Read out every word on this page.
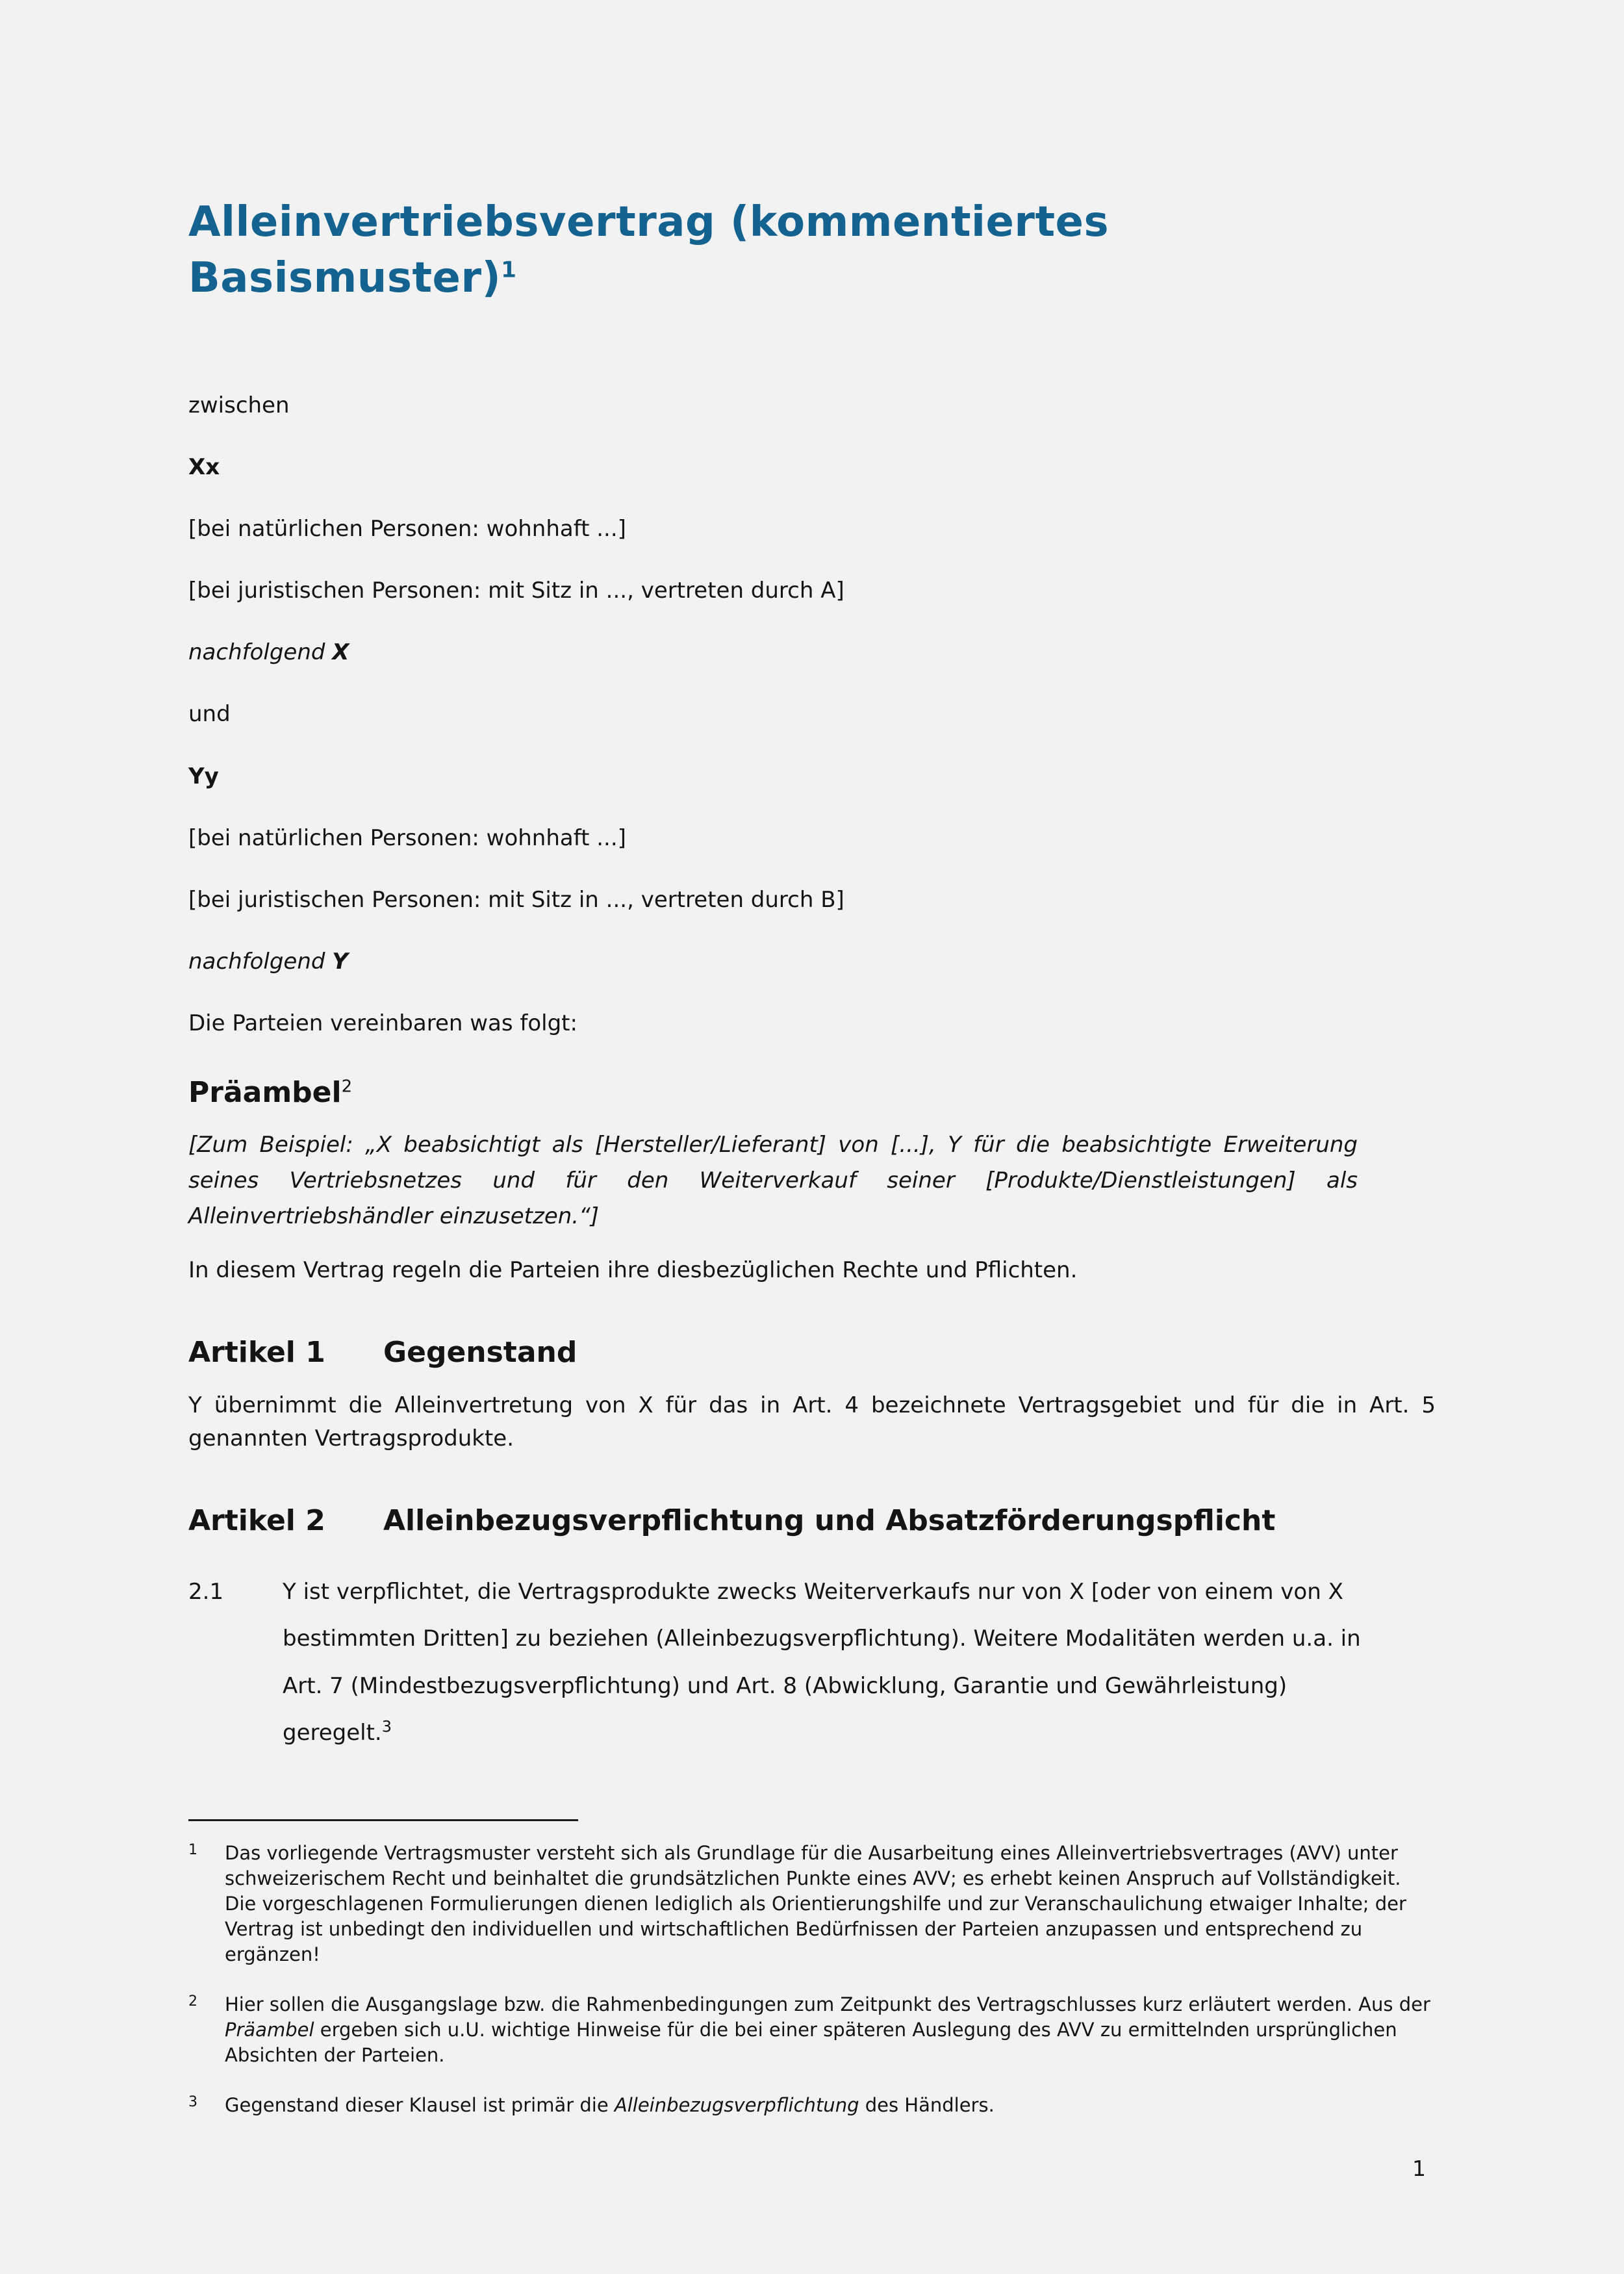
Alleinvertriebsvertrag (kommentiertes Basismuster)$^1$

zwischen

Xx

[bei natürlichen Personen: wohnhaft ...]

[bei juristischen Personen: mit Sitz in ..., vertreten durch A]

nachfolgend X

und

Yy

[bei natürlichen Personen: wohnhaft ...]

[bei juristischen Personen: mit Sitz in ..., vertreten durch B]

nachfolgend Y

Die Parteien vereinbaren was folgt:

Präambel$^2$

[Zum Beispiel: „X beabsichtigt als [Hersteller/Lieferant] von [...], Y für die beabsichtigte Erweiterung seines Vertriebsnetzes und für den Weiterverkauf seiner [Produkte/Dienstleistungen] als Alleinvertriebshändler einzusetzen.“]

In diesem Vertrag regeln die Parteien ihre diesbezüglichen Rechte und Pflichten.

Artikel 1 Gegenstand

Y übernimmt die Alleinvertretung von X für das in Art. 4 bezeichnete Vertragsgebiet und für die in Art. 5 genannten Vertragsprodukte.

Artikel 2 Alleinbezugsverpflichtung und Absatzförderungspflicht
2.1	Y ist verpflichtet, die Vertragsprodukte zwecks Weiterverkaufs nur von X [oder von einem von X bestimmten Dritten] zu beziehen (Alleinbezugsverpflichtung). Weitere Modalitäten werden u.a. in Art. 7 (Mindestbezugsverpflichtung) und Art. 8 (Abwicklung, Garantie und Gewährleistung) geregelt.$^3$

1	Das vorliegende Vertragsmuster versteht sich als Grundlage für die Ausarbeitung eines Alleinvertriebsvertrages (AVV) unter schweizerischem Recht und beinhaltet die grundsätzlichen Punkte eines AVV; es erhebt keinen Anspruch auf Vollständigkeit. Die vorgeschlagenen Formulierungen dienen lediglich als Orientierungshilfe und zur Veranschaulichung etwaiger Inhalte; der Vertrag ist unbedingt den individuellen und wirtschaftlichen Bedürfnissen der Parteien anzupassen und entsprechend zu ergänzen!
2	Hier sollen die Ausgangslage bzw. die Rahmenbedingungen zum Zeitpunkt des Vertragschlusses kurz erläutert werden. Aus der Präambel ergeben sich u.U. wichtige Hinweise für die bei einer späteren Auslegung des AVV zu ermittelnden ursprünglichen Absichten der Parteien.
3	Gegenstand dieser Klausel ist primär die Alleinbezugsverpflichtung des Händlers.
1
